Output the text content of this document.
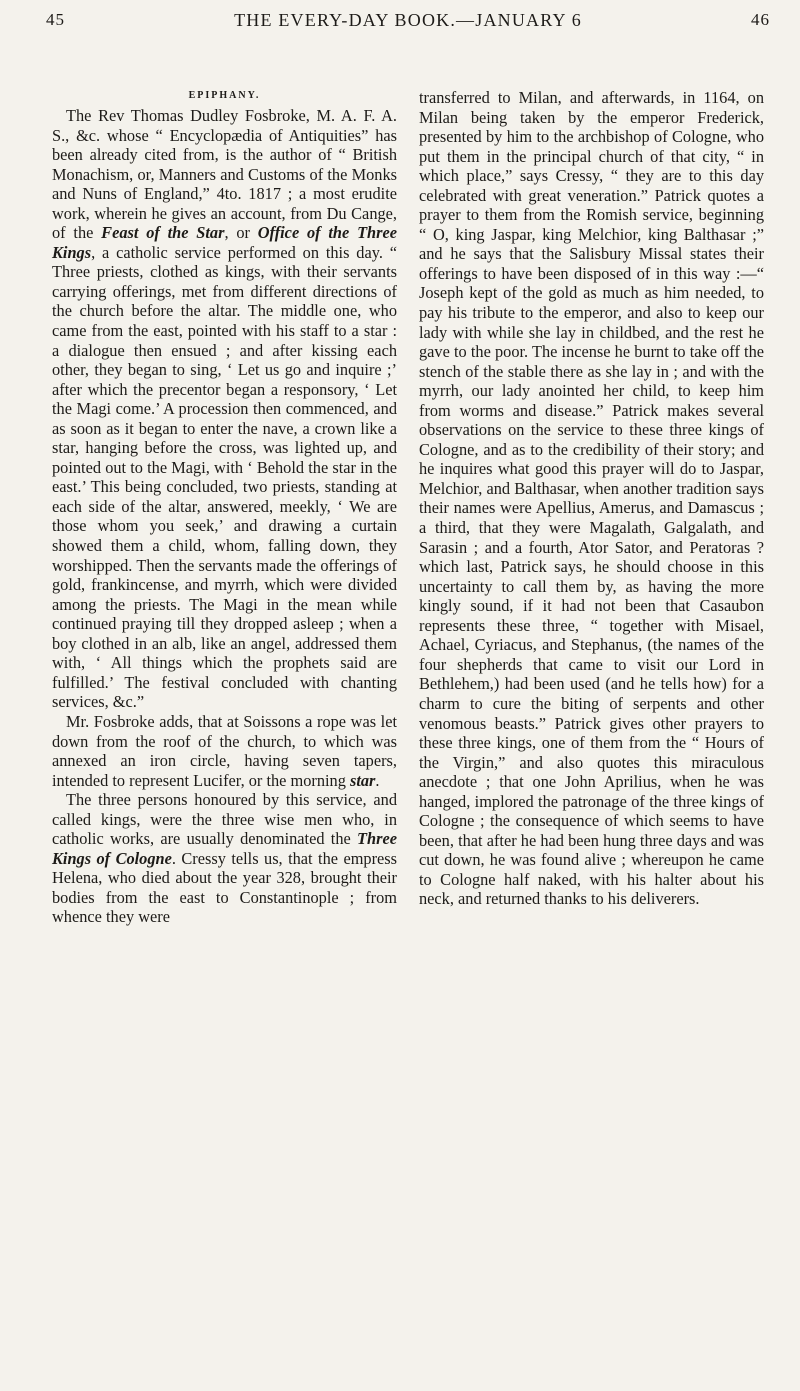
45	THE EVERY-DAY BOOK.—JANUARY 6	46
EPIPHANY.

The Rev Thomas Dudley Fosbroke, M. A. F. A. S., &c. whose “ Encyclopædia of Antiquities” has been already cited from, is the author of “ British Monachism, or, Manners and Customs of the Monks and Nuns of England,” 4to. 1817 ; a most erudite work, wherein he gives an account, from Du Cange, of the Feast of the Star, or Office of the Three Kings, a catholic service performed on this day. “ Three priests, clothed as kings, with their servants carrying offerings, met from different directions of the church before the altar. The middle one, who came from the east, pointed with his staff to a star : a dialogue then ensued ; and after kissing each other, they began to sing, ‘ Let us go and inquire ;’ after which the precentor began a responsory, ‘ Let the Magi come.’ A procession then commenced, and as soon as it began to enter the nave, a crown like a star, hanging before the cross, was lighted up, and pointed out to the Magi, with ‘ Behold the star in the east.’ This being concluded, two priests, standing at each side of the altar, answered, meekly, ‘ We are those whom you seek,’ and drawing a curtain showed them a child, whom, falling down, they worshipped. Then the servants made the offerings of gold, frankincense, and myrrh, which were divided among the priests. The Magi in the mean while continued praying till they dropped asleep ; when a boy clothed in an alb, like an angel, addressed them with, ‘ All things which the prophets said are fulfilled.’ The festival concluded with chanting services, &c.”

Mr. Fosbroke adds, that at Soissons a rope was let down from the roof of the church, to which was annexed an iron circle, having seven tapers, intended to represent Lucifer, or the morning star.

The three persons honoured by this service, and called kings, were the three wise men who, in catholic works, are usually denominated the Three Kings of Cologne. Cressy tells us, that the empress Helena, who died about the year 328, brought their bodies from the east to Constantinople ; from whence they were

transferred to Milan, and afterwards, in 1164, on Milan being taken by the emperor Frederick, presented by him to the archbishop of Cologne, who put them in the principal church of that city, “ in which place,” says Cressy, “ they are to this day celebrated with great veneration.” Patrick quotes a prayer to them from the Romish service, beginning “ O, king Jaspar, king Melchior, king Balthasar ;” and he says that the Salisbury Missal states their offerings to have been disposed of in this way :—“ Joseph kept of the gold as much as him needed, to pay his tribute to the emperor, and also to keep our lady with while she lay in childbed, and the rest he gave to the poor. The incense he burnt to take off the stench of the stable there as she lay in ; and with the myrrh, our lady anointed her child, to keep him from worms and disease.” Patrick makes several observations on the service to these three kings of Cologne, and as to the credibility of their story; and he inquires what good this prayer will do to Jaspar, Melchior, and Balthasar, when another tradition says their names were Apellius, Amerus, and Damascus ; a third, that they were Magalath, Galgalath, and Sarasin ; and a fourth, Ator Sator, and Peratoras ? which last, Patrick says, he should choose in this uncertainty to call them by, as having the more kingly sound, if it had not been that Casaubon represents these three, “ together with Misael, Achael, Cyriacus, and Stephanus, (the names of the four shepherds that came to visit our Lord in Bethlehem,) had been used (and he tells how) for a charm to cure the biting of serpents and other venomous beasts.” Patrick gives other prayers to these three kings, one of them from the “ Hours of the Virgin,” and also quotes this miraculous anecdote ; that one John Aprilius, when he was hanged, implored the patronage of the three kings of Cologne ; the consequence of which seems to have been, that after he had been hung three days and was cut down, he was found alive ; whereupon he came to Cologne half naked, with his halter about his neck, and returned thanks to his deliverers.
